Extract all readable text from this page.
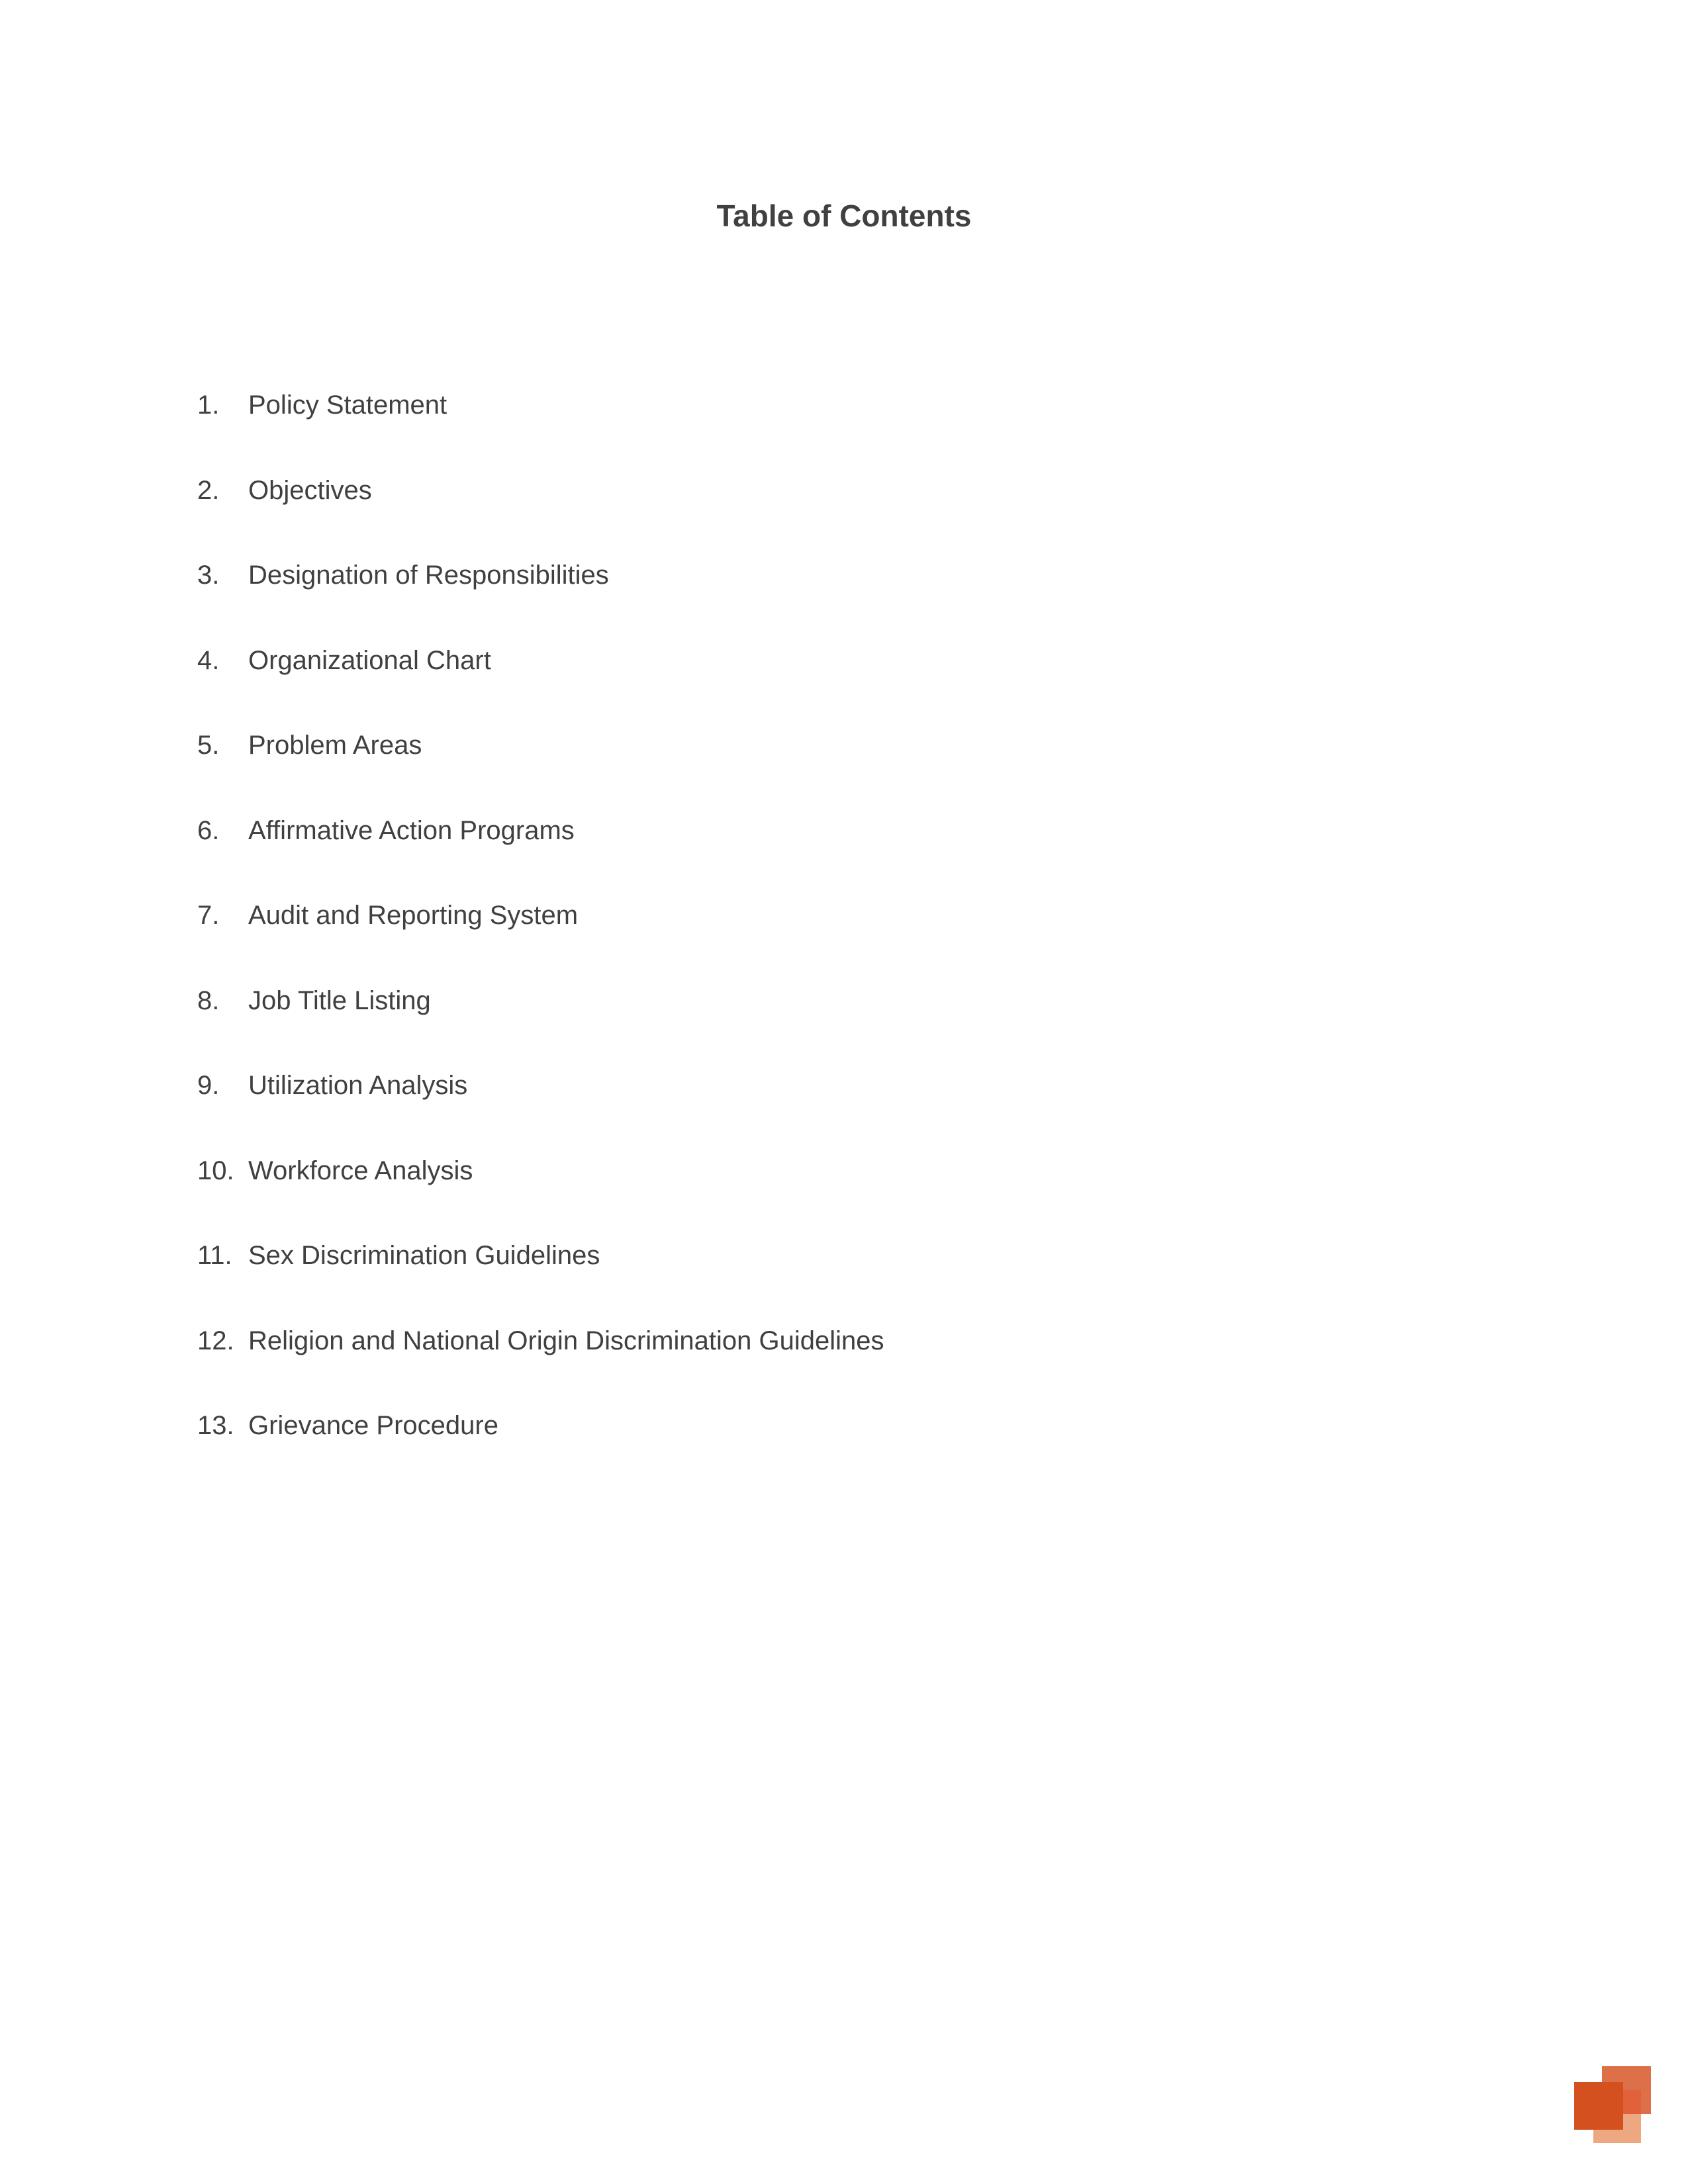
Table of Contents
1.	Policy Statement
2.	Objectives
3.	Designation of Responsibilities
4.	Organizational Chart
5.	Problem Areas
6.	Affirmative Action Programs
7.	Audit and Reporting System
8.	Job Title Listing
9.	Utilization Analysis
10. Workforce Analysis
11. Sex Discrimination Guidelines
12. Religion and National Origin Discrimination Guidelines
13. Grievance Procedure
